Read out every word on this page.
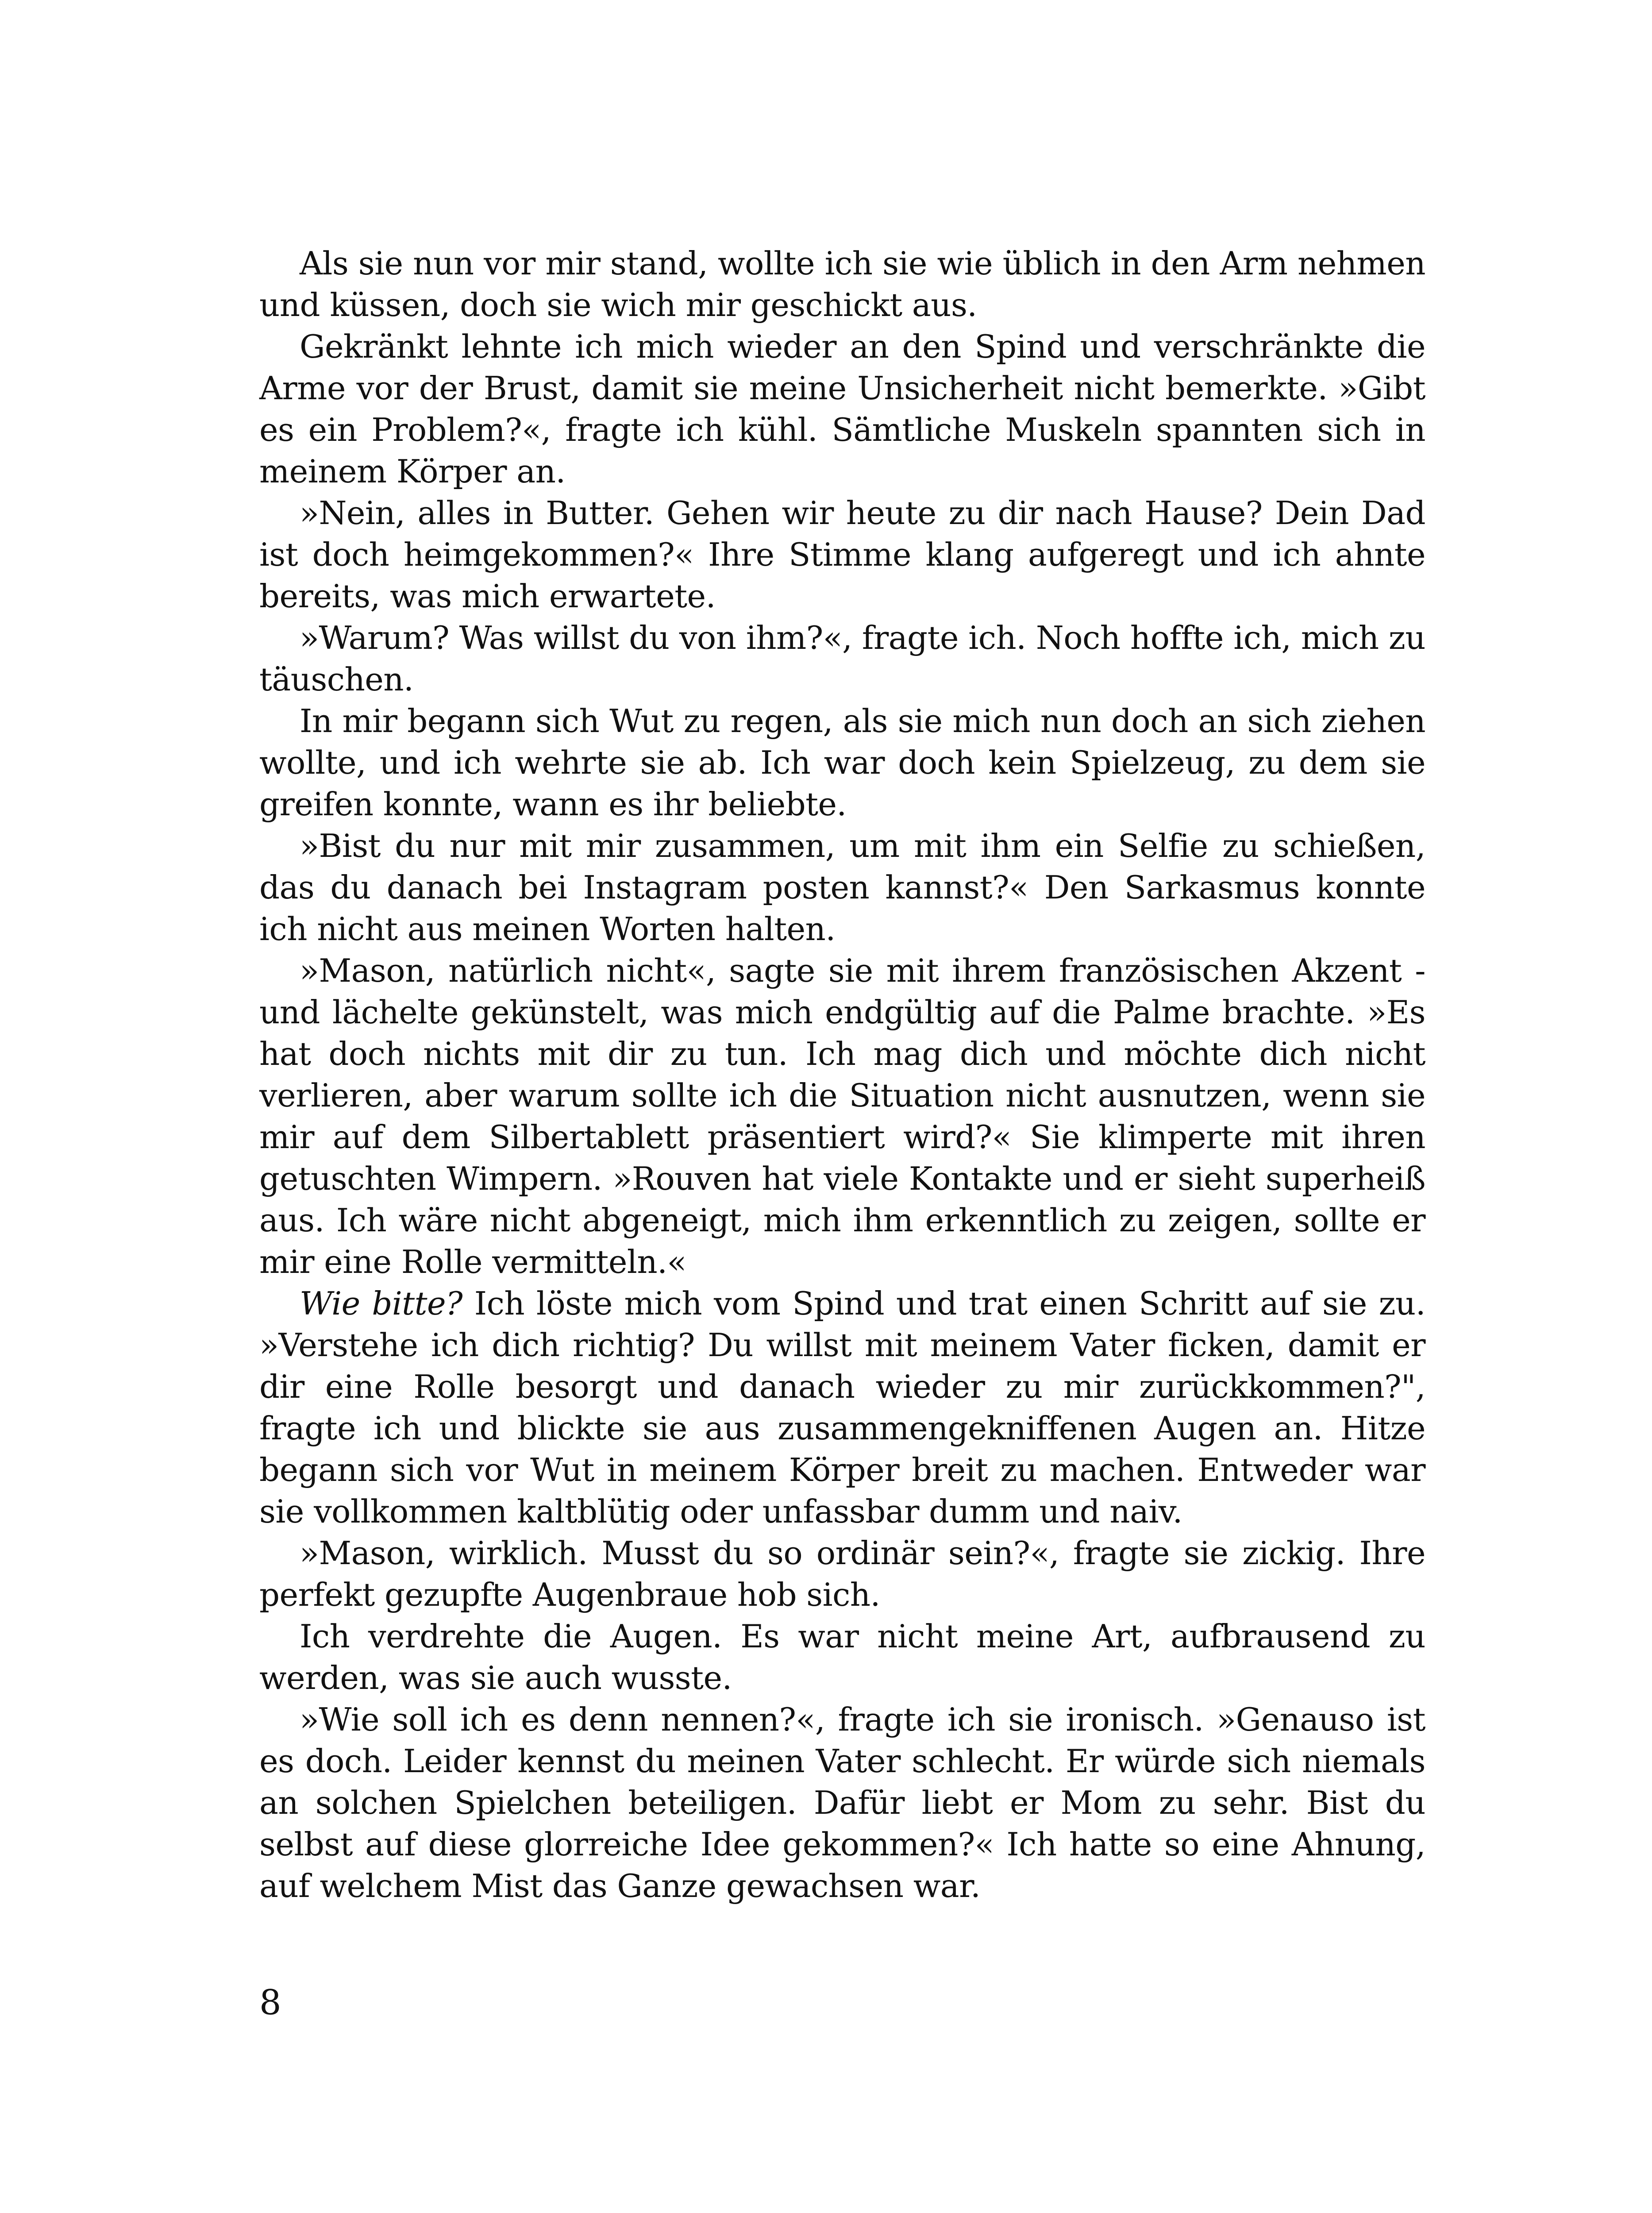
Als sie nun vor mir stand, wollte ich sie wie üblich in den Arm nehmen und küssen, doch sie wich mir geschickt aus.

Gekränkt lehnte ich mich wieder an den Spind und verschränkte die Arme vor der Brust, damit sie meine Unsicherheit nicht bemerkte. »Gibt es ein Problem?«, fragte ich kühl. Sämtliche Muskeln spannten sich in meinem Körper an.

»Nein, alles in Butter. Gehen wir heute zu dir nach Hause? Dein Dad ist doch heimgekommen?« Ihre Stimme klang aufgeregt und ich ahnte bereits, was mich erwartete.

»Warum? Was willst du von ihm?«, fragte ich. Noch hoffte ich, mich zu täuschen.

In mir begann sich Wut zu regen, als sie mich nun doch an sich ziehen wollte, und ich wehrte sie ab. Ich war doch kein Spielzeug, zu dem sie greifen konnte, wann es ihr beliebte.

»Bist du nur mit mir zusammen, um mit ihm ein Selfie zu schießen, das du danach bei Instagram posten kannst?« Den Sarkasmus konnte ich nicht aus meinen Worten halten.

»Mason, natürlich nicht«, sagte sie mit ihrem französischen Akzent - und lächelte gekünstelt, was mich endgültig auf die Palme brachte. »Es hat doch nichts mit dir zu tun. Ich mag dich und möchte dich nicht verlieren, aber warum sollte ich die Situation nicht ausnutzen, wenn sie mir auf dem Silbertablett präsentiert wird?« Sie klimperte mit ihren getuschten Wimpern. »Rouven hat viele Kontakte und er sieht superheiß aus. Ich wäre nicht abgeneigt, mich ihm erkenntlich zu zeigen, sollte er mir eine Rolle vermitteln.«

Wie bitte? Ich löste mich vom Spind und trat einen Schritt auf sie zu. »Verstehe ich dich richtig? Du willst mit meinem Vater ficken, damit er dir eine Rolle besorgt und danach wieder zu mir zurückkommen?", fragte ich und blickte sie aus zusammengekniffenen Augen an. Hitze begann sich vor Wut in meinem Körper breit zu machen. Entweder war sie vollkommen kaltblütig oder unfassbar dumm und naiv.

»Mason, wirklich. Musst du so ordinär sein?«, fragte sie zickig. Ihre perfekt gezupfte Augenbraue hob sich.

Ich verdrehte die Augen. Es war nicht meine Art, aufbrausend zu werden, was sie auch wusste.

»Wie soll ich es denn nennen?«, fragte ich sie ironisch. »Genauso ist es doch. Leider kennst du meinen Vater schlecht. Er würde sich niemals an solchen Spielchen beteiligen. Dafür liebt er Mom zu sehr. Bist du selbst auf diese glorreiche Idee gekommen?« Ich hatte so eine Ahnung, auf welchem Mist das Ganze gewachsen war.

8
